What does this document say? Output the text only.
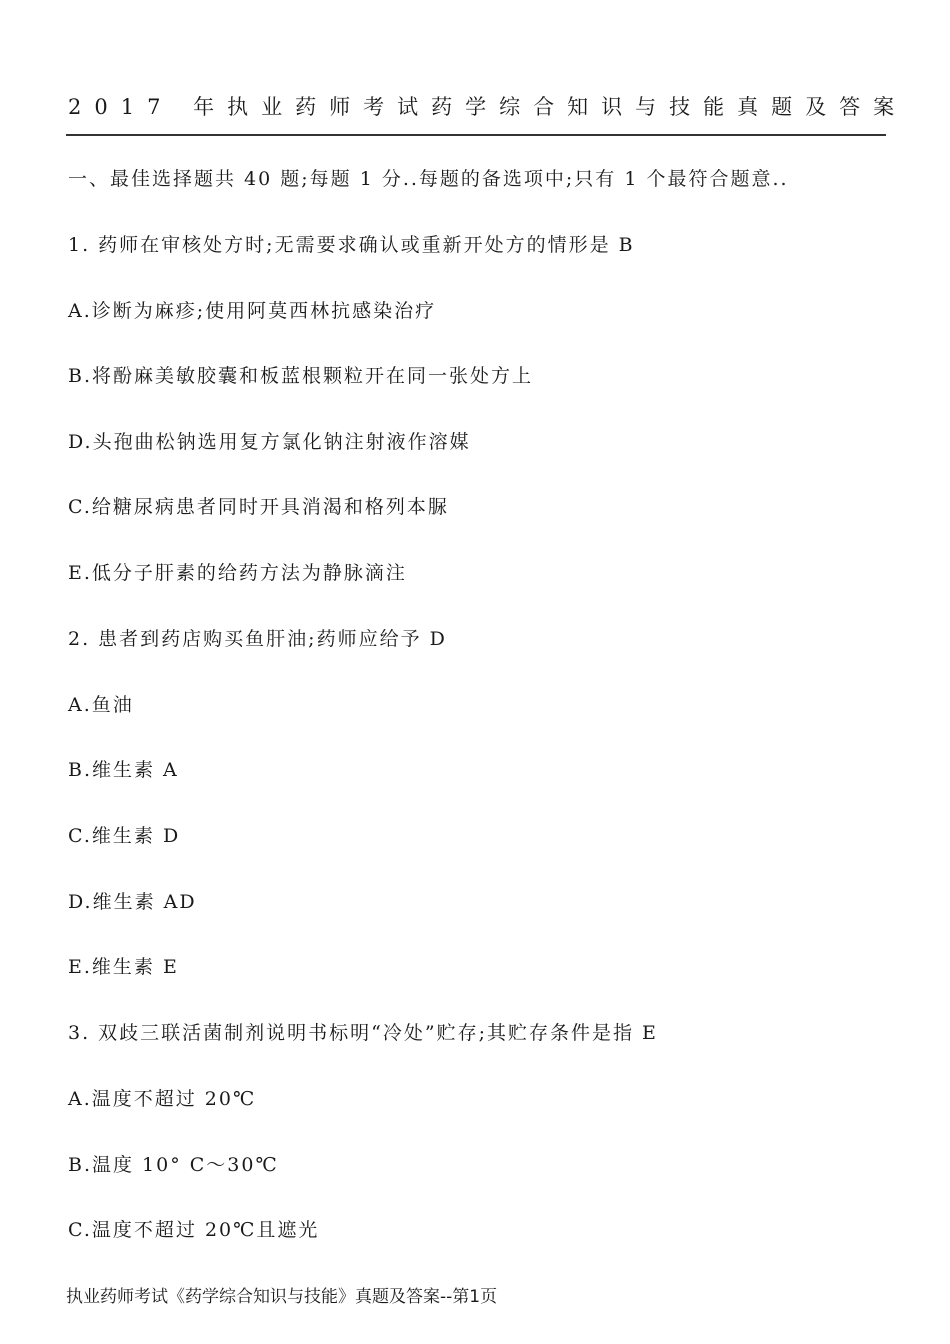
2017 年执业药师考试药学综合知识与技能真题及答案
一、最佳选择题共 40 题;每题 1 分..每题的备选项中;只有 1 个最符合题意..
1. 药师在审核处方时;无需要求确认或重新开处方的情形是 B
A.诊断为麻疹;使用阿莫西林抗感染治疗
B.将酚麻美敏胶囊和板蓝根颗粒开在同一张处方上
D.头孢曲松钠选用复方氯化钠注射液作溶媒
C.给糖尿病患者同时开具消渴和格列本脲
E.低分子肝素的给药方法为静脉滴注
2. 患者到药店购买鱼肝油;药师应给予 D
A.鱼油
B.维生素 A
C.维生素 D
D.维生素 AD
E.维生素 E
3. 双歧三联活菌制剂说明书标明“冷处”贮存;其贮存条件是指 E
A.温度不超过 20℃
B.温度 10° C～30℃
C.温度不超过 20℃且遮光
执业药师考试《药学综合知识与技能》真题及答案--第1页
